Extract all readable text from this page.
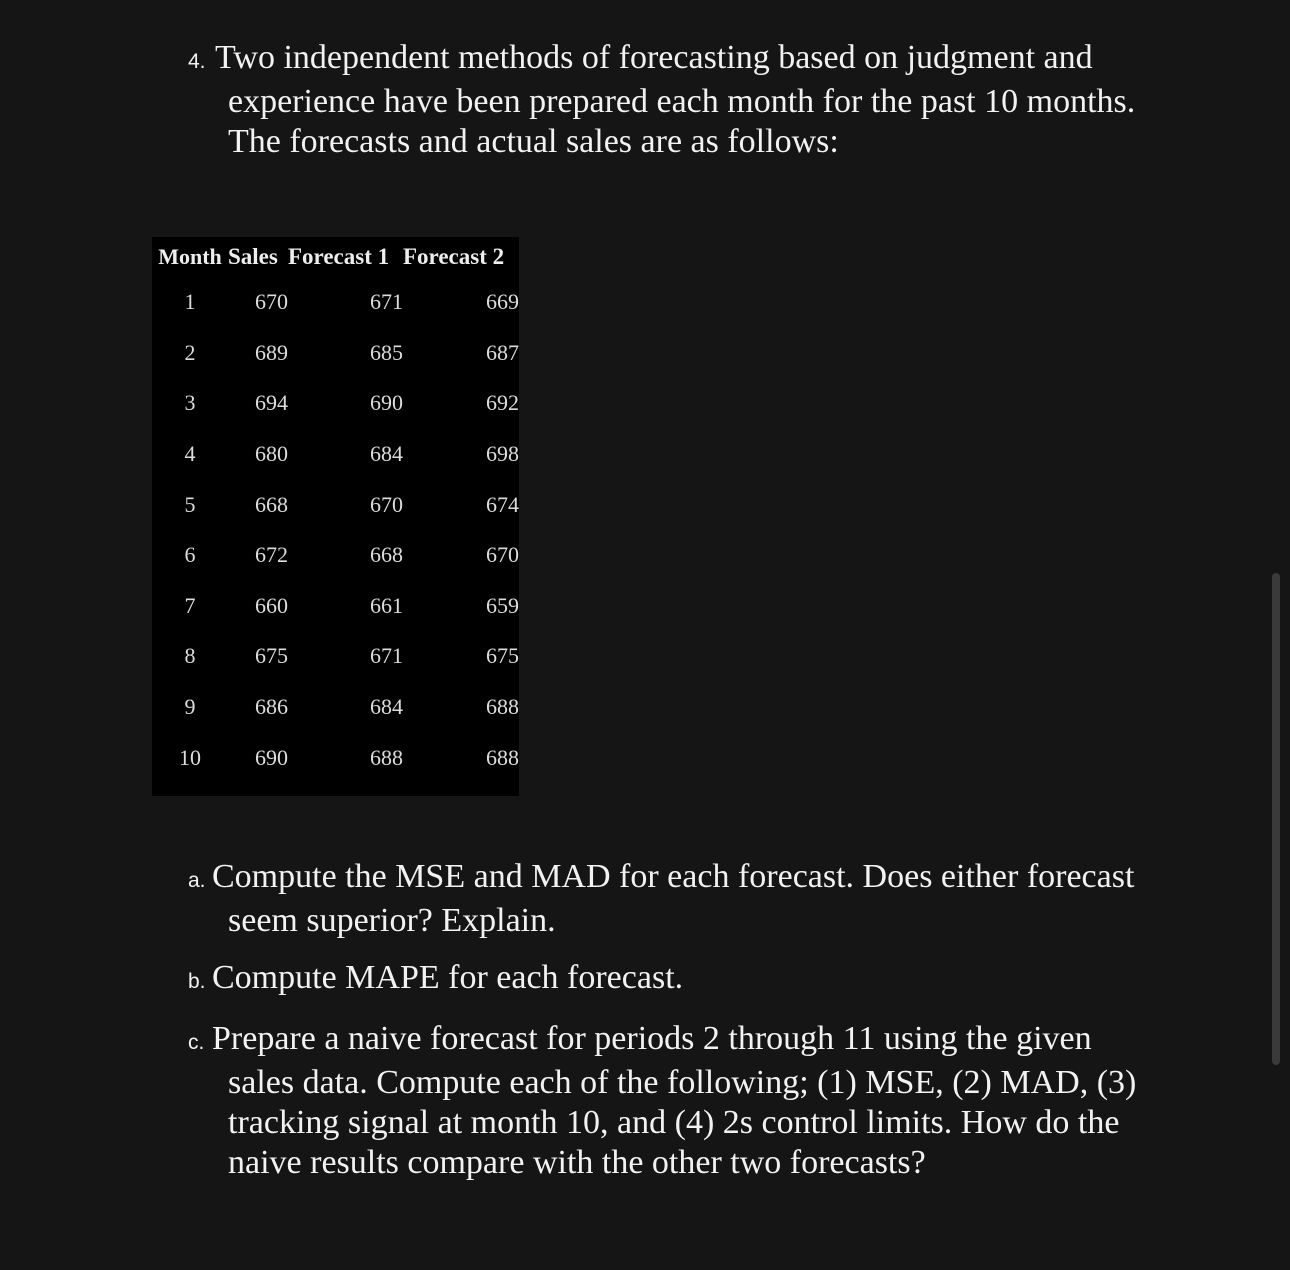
4. Two independent methods of forecasting based on judgment and experience have been prepared each month for the past 10 months. The forecasts and actual sales are as follows:
Month	Sales	Forecast 1	Forecast 2
1	670	671	669
2	689	685	687
3	694	690	692
4	680	684	698
5	668	670	674
6	672	668	670
7	660	661	659
8	675	671	675
9	686	684	688
10	690	688	688

a. Compute the MSE and MAD for each forecast. Does either forecast seem superior? Explain.

b. Compute MAPE for each forecast.

c. Prepare a naive forecast for periods 2 through 11 using the given sales data. Compute each of the following; (1) MSE, (2) MAD, (3) tracking signal at month 10, and (4) 2s control limits. How do the naive results compare with the other two forecasts?
